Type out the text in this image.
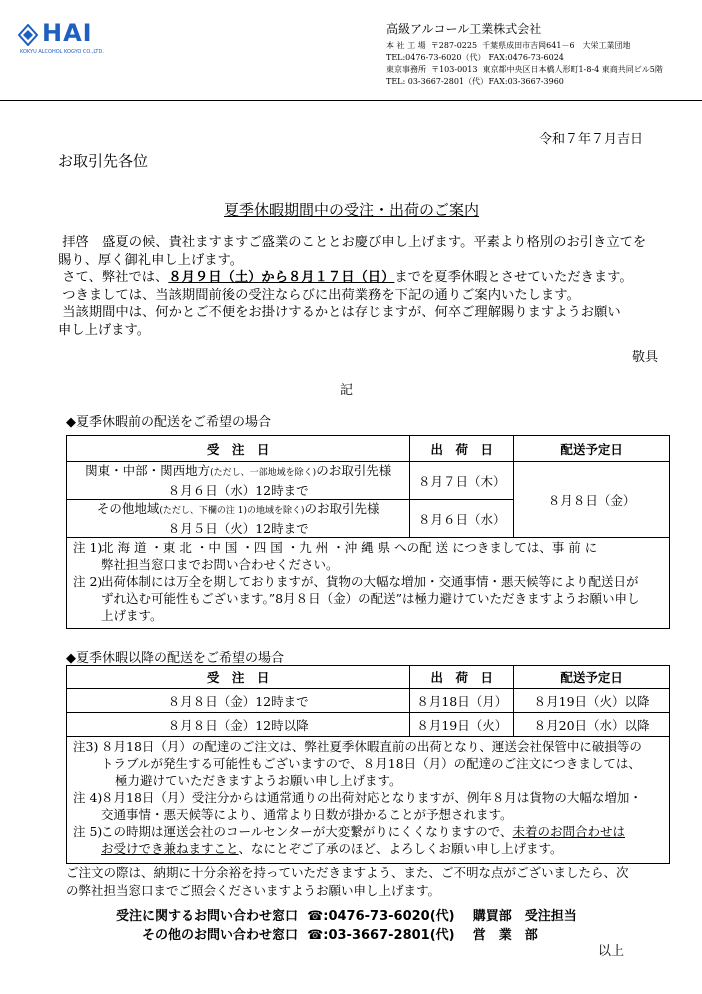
HAI
KOKYU ALCOHOL KOGYO CO.,LTD.
高級アルコール工業株式会社
本 社 工 場 〒287-0225 千葉県成田市吉岡641－6　大栄工業団地
TEL:0476-73-6020（代） FAX:0476-73-6024
東京事務所 〒103-0013 東京都中央区日本橋人形町1-8-4 東商共同ビル5階
TEL: 03-3667-2801（代） FAX:03-3667-3960
令和７年７月吉日
お取引先各位
夏季休暇期間中の受注・出荷のご案内

拝啓　盛夏の候、貴社ますますご盛業のこととお慶び申し上げます。平素より格別のお引き立てを

賜り、厚く御礼申し上げます。

さて、弊社では、８月９日（土）から８月１７日（日）までを夏季休暇とさせていただきます。

つきましては、当該期間前後の受注ならびに出荷業務を下記の通りご案内いたします。

当該期間中は、何かとご不便をお掛けするかとは存じますが、何卒ご理解賜りますようお願い

申し上げます。

敬具
記
◆夏季休暇前の配送をご希望の場合
受　注　日	出　荷　日	配送予定日
関東・中部・関西地方(ただし、一部地域を除く)のお取引先様
８月６日（水）12時まで	８月７日（木）	８月８日（金）
その他地域(ただし、下欄の注 1)の地域を除く)のお取引先様
８月５日（火）12時まで	８月６日（水）	
注 1)
北 海 道 ・東 北 ・中 国 ・四 国 ・九 州 ・沖 縄 県 への配 送 につきましては、事 前 に
弊社担当窓口までお問い合わせください。
注 2)
出荷体制には万全を期しておりますが、貨物の大幅な増加・交通事情・悪天候等により配送日が
ずれ込む可能性もございます。”8月８日（金）の配送”は極力避けていただきますようお願い申し
上げます。
◆夏季休暇以降の配送をご希望の場合
受　注　日	出　荷　日	配送予定日
８月８日（金）12時まで	８月18日（月）	８月19日（火）以降
８月８日（金）12時以降	８月19日（火）	８月20日（水）以降
注3) ８月18日（月）の配達のご注文は、弊社夏季休暇直前の出荷となり、運送会社保管中に破損等の
トラブルが発生する可能性もございますので、８月18日（月）の配達のご注文につきましては、

極力避けていただきますようお願い申し上げます。
注 4)
８月18日（月）受注分からは通常通りの出荷対応となりますが、例年８月は貨物の大幅な増加・
交通事情・悪天候等により、通常より日数が掛かることが予想されます。
注 5)
この時期は運送会社のコールセンターが大変繋がりにくくなりますので、未着のお問合わせは
お受けでき兼ねますこと、なにとぞご了承のほど、よろしくお願い申し上げます。

ご注文の際は、納期に十分余裕を持っていただきますよう、また、ご不明な点がございましたら、次

の弊社担当窓口までご照会くださいますようお願い申し上げます。

受注に関するお問い合わせ窓口 ☎:0476-73-6020(代) 購買部　受注担当
その他のお問い合わせ窓口 ☎:03-3667-2801(代) 営　業　部
以上
